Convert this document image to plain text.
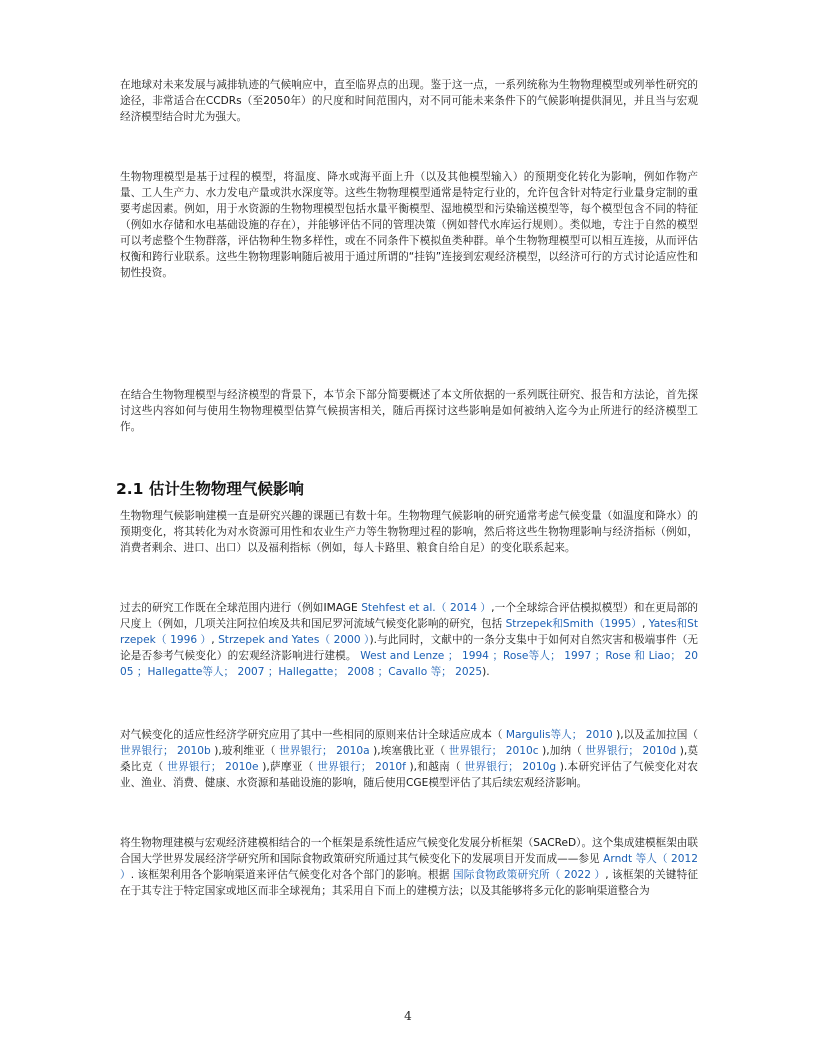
在地球对未来发展与减排轨迹的气候响应中，直至临界点的出现。鉴于这一点，一系列统称为生物物理模型或列举性研究的途径，非常适合在CCDRs（至2050年）的尺度和时间范围内，对不同可能未来条件下的气候影响提供洞见，并且当与宏观经济模型结合时尤为强大。

生物物理模型是基于过程的模型，将温度、降水或海平面上升（以及其他模型输入）的预期变化转化为影响，例如作物产量、工人生产力、水力发电产量或洪水深度等。这些生物物理模型通常是特定行业的，允许包含针对特定行业量身定制的重要考虑因素。例如，用于水资源的生物物理模型包括水量平衡模型、湿地模型和污染输送模型等，每个模型包含不同的特征（例如水存储和水电基础设施的存在），并能够评估不同的管理决策（例如替代水库运行规则）。类似地，专注于自然的模型可以考虑整个生物群落，评估物种生物多样性，或在不同条件下模拟鱼类种群。单个生物物理模型可以相互连接，从而评估权衡和跨行业联系。这些生物物理影响随后被用于通过所谓的“挂钩”连接到宏观经济模型，以经济可行的方式讨论适应性和韧性投资。

在结合生物物理模型与经济模型的背景下，本节余下部分简要概述了本文所依据的一系列既往研究、报告和方法论，首先探讨这些内容如何与使用生物物理模型估算气候损害相关，随后再探讨这些影响是如何被纳入迄今为止所进行的经济模型工作。

2.1 估计生物物理气候影响

生物物理气候影响建模一直是研究兴趣的课题已有数十年。生物物理气候影响的研究通常考虑气候变量（如温度和降水）的预期变化，将其转化为对水资源可用性和农业生产力等生物物理过程的影响，然后将这些生物物理影响与经济指标（例如，消费者剩余、进口、出口）以及福利指标（例如，每人卡路里、粮食自给自足）的变化联系起来。

过去的研究工作既在全球范围内进行（例如IMAGE Stehfest et al.（ 2014 ）,一个全球综合评估模拟模型）和在更局部的尺度上（例如，几项关注阿拉伯埃及共和国尼罗河流域气候变化影响的研究，包括 Strzepek和Smith（1995）, Yates和Strzepek（ 1996 ）, Strzepek and Yates（ 2000 ）).与此同时，文献中的一条分支集中于如何对自然灾害和极端事件（无论是否参考气候变化）的宏观经济影响进行建模。 West and Lenze ； 1994 ；Rose等人； 1997 ；Rose 和 Liao； 2005 ；Hallegatte等人； 2007 ；Hallegatte； 2008 ；Cavallo 等； 2025).

对气候变化的适应性经济学研究应用了其中一些相同的原则来估计全球适应成本（ Margulis等人； 2010 ),以及孟加拉国（ 世界银行； 2010b ),玻利维亚（ 世界银行； 2010a ),埃塞俄比亚（ 世界银行； 2010c ),加纳（ 世界银行； 2010d ),莫桑比克（ 世界银行； 2010e ),萨摩亚（ 世界银行； 2010f ),和越南（ 世界银行； 2010g ).本研究评估了气候变化对农业、渔业、消费、健康、水资源和基础设施的影响，随后使用CGE模型评估了其后续宏观经济影响。

将生物物理建模与宏观经济建模相结合的一个框架是系统性适应气候变化发展分析框架（SACReD）。这个集成建模框架由联合国大学世界发展经济学研究所和国际食物政策研究所通过其气候变化下的发展项目开发而成——参见 Arndt 等人（ 2012 ）. 该框架利用各个影响渠道来评估气候变化对各个部门的影响。根据 国际食物政策研究所（ 2022 ）, 该框架的关键特征在于其专注于特定国家或地区而非全球视角；其采用自下而上的建模方法；以及其能够将多元化的影响渠道整合为

4
